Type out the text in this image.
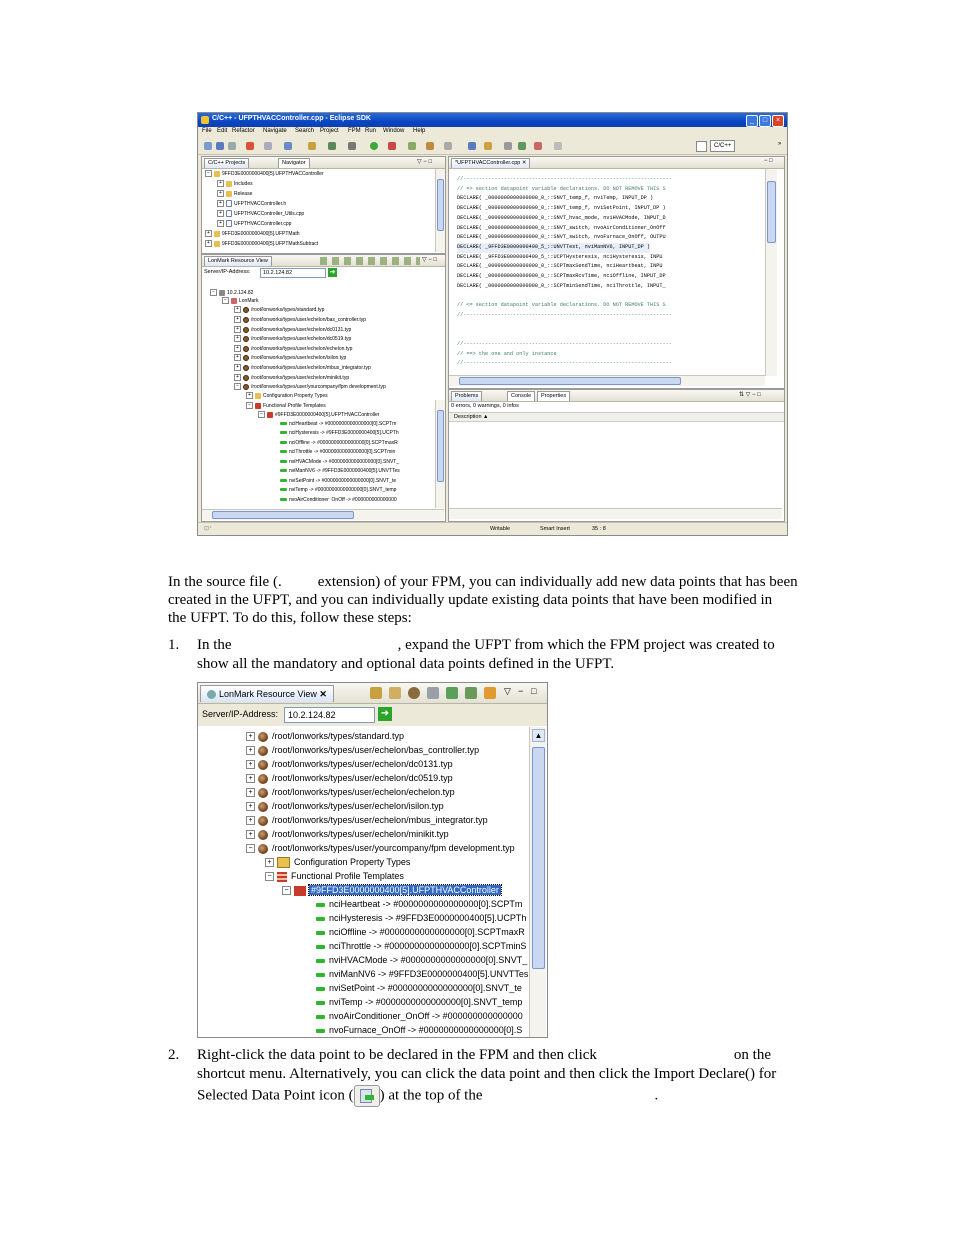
C/C++ - UFPTHVACController.cpp - Eclipse SDK	_	□	×
File Edit Refactor Navigate Search Project FPM Run Window Help
C/C++	»
C/C++ Projects	Navigator	▽ − □
− 9FFD3E0000000400[5].UFPTHVACController
+ Includes
+ Release
+ UFPTHVACController.h
+ UFPTHVACController_Utils.cpp
+ UFPTHVACController.cpp
+ 9FFD3E0000000400[5].UFPTMath
+ 9FFD3E0000000400[5].UFPTMathSubtract
LonMark Resource View	▽ − □
Server/IP-Address:	10.2.124.82	➔
− 10.2.124.82
− LonMark
+ /root/lonworks/types/standard.typ
+ /root/lonworks/types/user/echelon/bas_controller.typ
+ /root/lonworks/types/user/echelon/dc0131.typ
+ /root/lonworks/types/user/echelon/dc0519.typ
+ /root/lonworks/types/user/echelon/echelon.typ
+ /root/lonworks/types/user/echelon/isilon.typ
+ /root/lonworks/types/user/echelon/mbus_integrator.typ
+ /root/lonworks/types/user/echelon/minikit.typ
− /root/lonworks/types/user/yourcompany/fpm development.typ
+ Configuration Property Types
− Functional Profile Templates
− #9FFD3E0000000400[5].UFPTHVACController
nciHeartbeat -> #0000000000000000[0].SCPTm
nciHysteresis -> #9FFD3E0000000400[5].UCPTh
nciOffline -> #0000000000000000[0].SCPTmaxR
nciThrottle -> #0000000000000000[0].SCPTmin
nviHVACMode -> #0000000000000000[0].SNVT_
nviManNV6 -> #9FFD3E0000000400[5].UNVTTes
nviSetPoint -> #0000000000000000[0].SNVT_te
nviTemp -> #0000000000000000[0].SNVT_temp
nvoAirConditioner_OnOff -> #000000000000000
*UFPTHVACController.cpp ✕	− □
//-------------------------------------------------------------------
// => section datapoint variable declarations. DO NOT REMOVE THIS S
DECLARE( _0000000000000000_0_::SNVT_temp_f, nviTemp, INPUT_DP )
DECLARE( _0000000000000000_0_::SNVT_temp_f, nviSetPoint, INPUT_DP )
DECLARE( _0000000000000000_0_::SNVT_hvac_mode, nviHVACMode, INPUT_D
DECLARE( _0000000000000000_0_::SNVT_switch, nvoAirConditioner_OnOff
DECLARE( _0000000000000000_0_::SNVT_switch, nvoFurnace_OnOff, OUTPU
DECLARE( _9FFD3E0000000400_5_::UNVTTest, nviManNV6, INPUT_DP )
DECLARE( _9FFD3E0000000400_5_::UCPTHysteresis, nciHysteresis, INPU
DECLARE( _0000000000000000_0_::SCPTmaxSendTime, nciHeartbeat, INPU
DECLARE( _0000000000000000_0_::SCPTmaxRcvTime, nciOffline, INPUT_DP
DECLARE( _0000000000000000_0_::SCPTminSendTime, nciThrottle, INPUT_
// <= section datapoint variable declarations. DO NOT REMOVE THIS S
//-------------------------------------------------------------------
//-------------------------------------------------------------------
// ==> the one and only instance
//-------------------------------------------------------------------
Problems	Console	Properties	⇅ ▽ − □
0 errors, 0 warnings, 0 infos
Description ▲
⊡⁺	Writable	Smart Insert	35 : 8
In the source file (. extension) of your FPM, you can individually add new data points that has been
created in the UFPT, and you can individually update existing data points that have been modified in
the UFPT. To do this, follow these steps:
1. In the	, expand the UFPT from which the FPM project was created to
show all the mandatory and optional data points defined in the UFPT.
LonMark Resource View ✕	▽ − □
Server/IP-Address:	10.2.124.82	➔
+ /root/lonworks/types/standard.typ
+ /root/lonworks/types/user/echelon/bas_controller.typ
+ /root/lonworks/types/user/echelon/dc0131.typ
+ /root/lonworks/types/user/echelon/dc0519.typ
+ /root/lonworks/types/user/echelon/echelon.typ
+ /root/lonworks/types/user/echelon/isilon.typ
+ /root/lonworks/types/user/echelon/mbus_integrator.typ
+ /root/lonworks/types/user/echelon/minikit.typ
− /root/lonworks/types/user/yourcompany/fpm development.typ
+ Configuration Property Types
− Functional Profile Templates
− #9FFD3E0000000400[5].UFPTHVACController
nciHeartbeat -> #0000000000000000[0].SCPTm
nciHysteresis -> #9FFD3E0000000400[5].UCPTh
nciOffline -> #0000000000000000[0].SCPTmaxR
nciThrottle -> #0000000000000000[0].SCPTminS
nviHVACMode -> #0000000000000000[0].SNVT_
nviManNV6 -> #9FFD3E0000000400[5].UNVTTes
nviSetPoint -> #0000000000000000[0].SNVT_te
nviTemp -> #0000000000000000[0].SNVT_temp
nvoAirConditioner_OnOff -> #000000000000000
nvoFurnace_OnOff -> #0000000000000000[0].S
▲
2. Right-click the data point to be declared in the FPM and then click	on the
shortcut menu. Alternatively, you can click the data point and then click the Import Declare() for
Selected Data Point icon ( ) at the top of the	.
